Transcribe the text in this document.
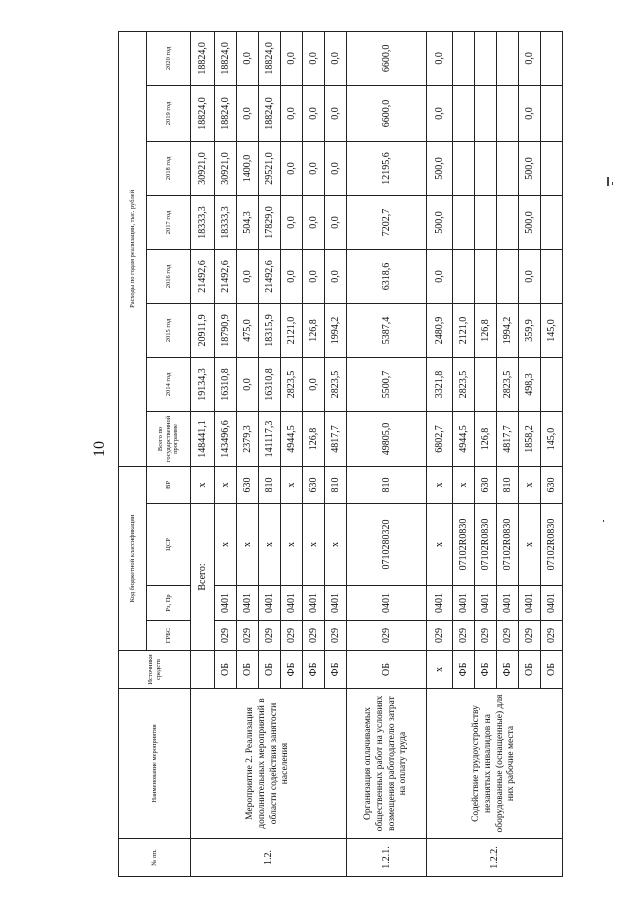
10
№ пп.	Наименование мероприятия	Источники средств	Код бюджетной классификации				Расходы по годам реализации, тыс. рублей							
			ГРБС	Рз, Пр	ЦСР	ВР	Всего по государственной программе	2014 год	2015 год	2016 год	2017 год	2018 год	2019 год	2020 год
1.2.	Мероприятие 2. Реализация дополнительных мероприятий в области содействия занятости населения		Всего:			х	148441,1	19134,3	20911,9	21492,6	18333,3	30921,0	18824,0	18824,0
		ОБ	029	0401	х	х	143496,6	16310,8	18790,9	21492,6	18333,3	30921,0	18824,0	18824,0
		ОБ	029	0401	х	630	2379,3	0,0	475,0	0,0	504,3	1400,0	0,0	0,0
		ОБ	029	0401	х	810	141117,3	16310,8	18315,9	21492,6	17829,0	29521,0	18824,0	18824,0
		ФБ	029	0401	х	х	4944,5	2823,5	2121,0	0,0	0,0	0,0	0,0	0,0
		ФБ	029	0401	х	630	126,8	0,0	126,8	0,0	0,0	0,0	0,0	0,0
		ФБ	029	0401	х	810	4817,7	2823,5	1994,2	0,0	0,0	0,0	0,0	0,0
1.2.1.	Организация оплачиваемых общественных работ на условиях возмещения работодателю затрат на оплату труда	ОБ	029	0401	0710280320	810	49805,0	5500,7	5387,4	6318,6	7202,7	12195,6	6600,0	6600,0
1.2.2.	Содействие трудоустройству незанятых инвалидов на оборудованные (оснащенные) для них рабочие места	х	029	0401	х	х	6802,7	3321,8	2480,9	0,0	500,0	500,0	0,0	0,0
		ФБ	029	0401	07102R0830	х	4944,5	2823,5	2121,0					
		ФБ	029	0401	07102R0830	630	126,8		126,8					
		ФБ	029	0401	07102R0830	810	4817,7	2823,5	1994,2					
		ОБ	029	0401	х	х	1858,2	498,3	359,9	0,0	500,0	500,0	0,0	0,0
		ОБ	029	0401	07102R0830	630	145,0		145,0					
